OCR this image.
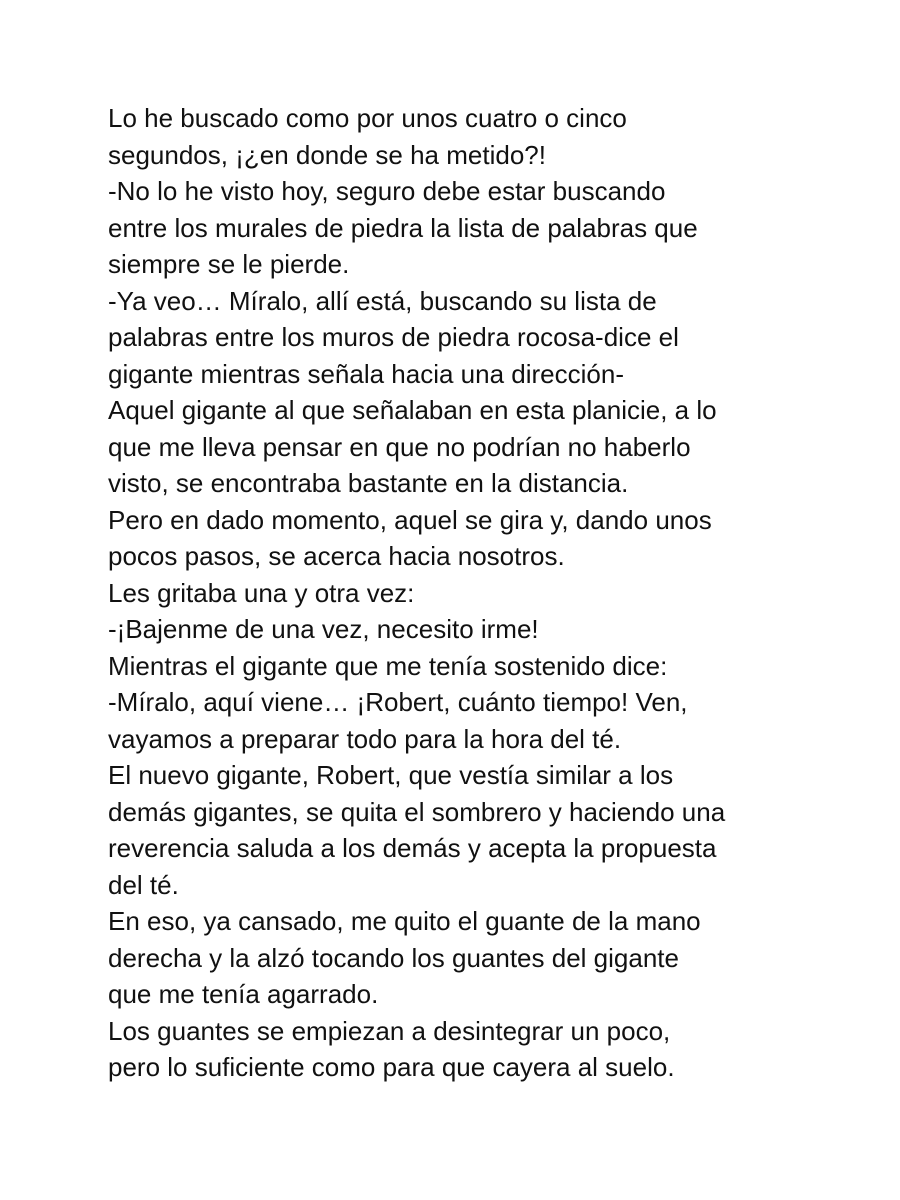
Lo he buscado como por unos cuatro o cinco
segundos, ¡¿en donde se ha metido?!
-No lo he visto hoy, seguro debe estar buscando
entre los murales de piedra la lista de palabras que
siempre se le pierde.
-Ya veo… Míralo, allí está, buscando su lista de
palabras entre los muros de piedra rocosa-dice el
gigante mientras señala hacia una dirección-
Aquel gigante al que señalaban en esta planicie, a lo
que me lleva pensar en que no podrían no haberlo
visto, se encontraba bastante en la distancia.
Pero en dado momento, aquel se gira y, dando unos
pocos pasos, se acerca hacia nosotros.
Les gritaba una y otra vez:
-¡Bajenme de una vez, necesito irme!
Mientras el gigante que me tenía sostenido dice:
-Míralo, aquí viene… ¡Robert, cuánto tiempo! Ven,
vayamos a preparar todo para la hora del té.
El nuevo gigante, Robert, que vestía similar a los
demás gigantes, se quita el sombrero y haciendo una
reverencia saluda a los demás y acepta la propuesta
del té.
En eso, ya cansado, me quito el guante de la mano
derecha y la alzó tocando los guantes del gigante
que me tenía agarrado.
Los guantes se empiezan a desintegrar un poco,
pero lo suficiente como para que cayera al suelo.
